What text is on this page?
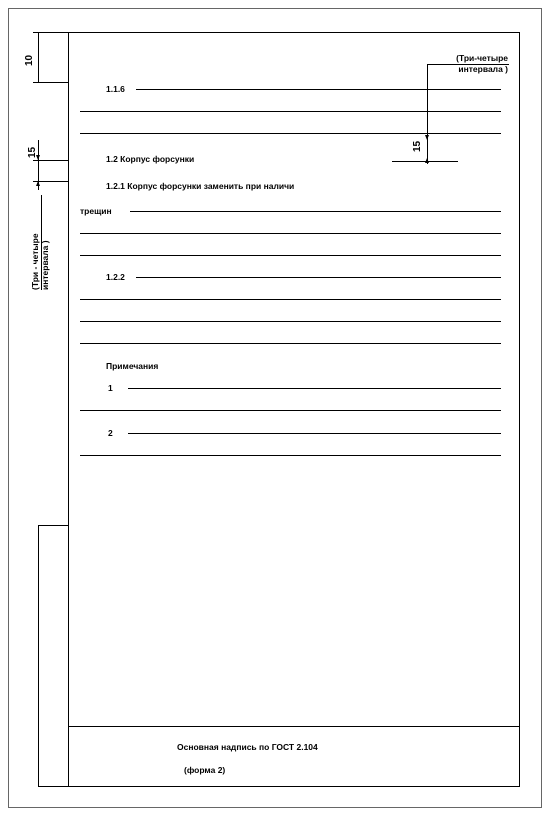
10
15
(Три - четыре интервала )
(Три-четыре интервала )
15
1.1.6
1.2 Корпус форсунки
1.2.1 Корпус форсунки заменить при наличи
трещин
1.2.2
Примечания
1
2
Основная надпись по ГОСТ 2.104
(форма 2)
